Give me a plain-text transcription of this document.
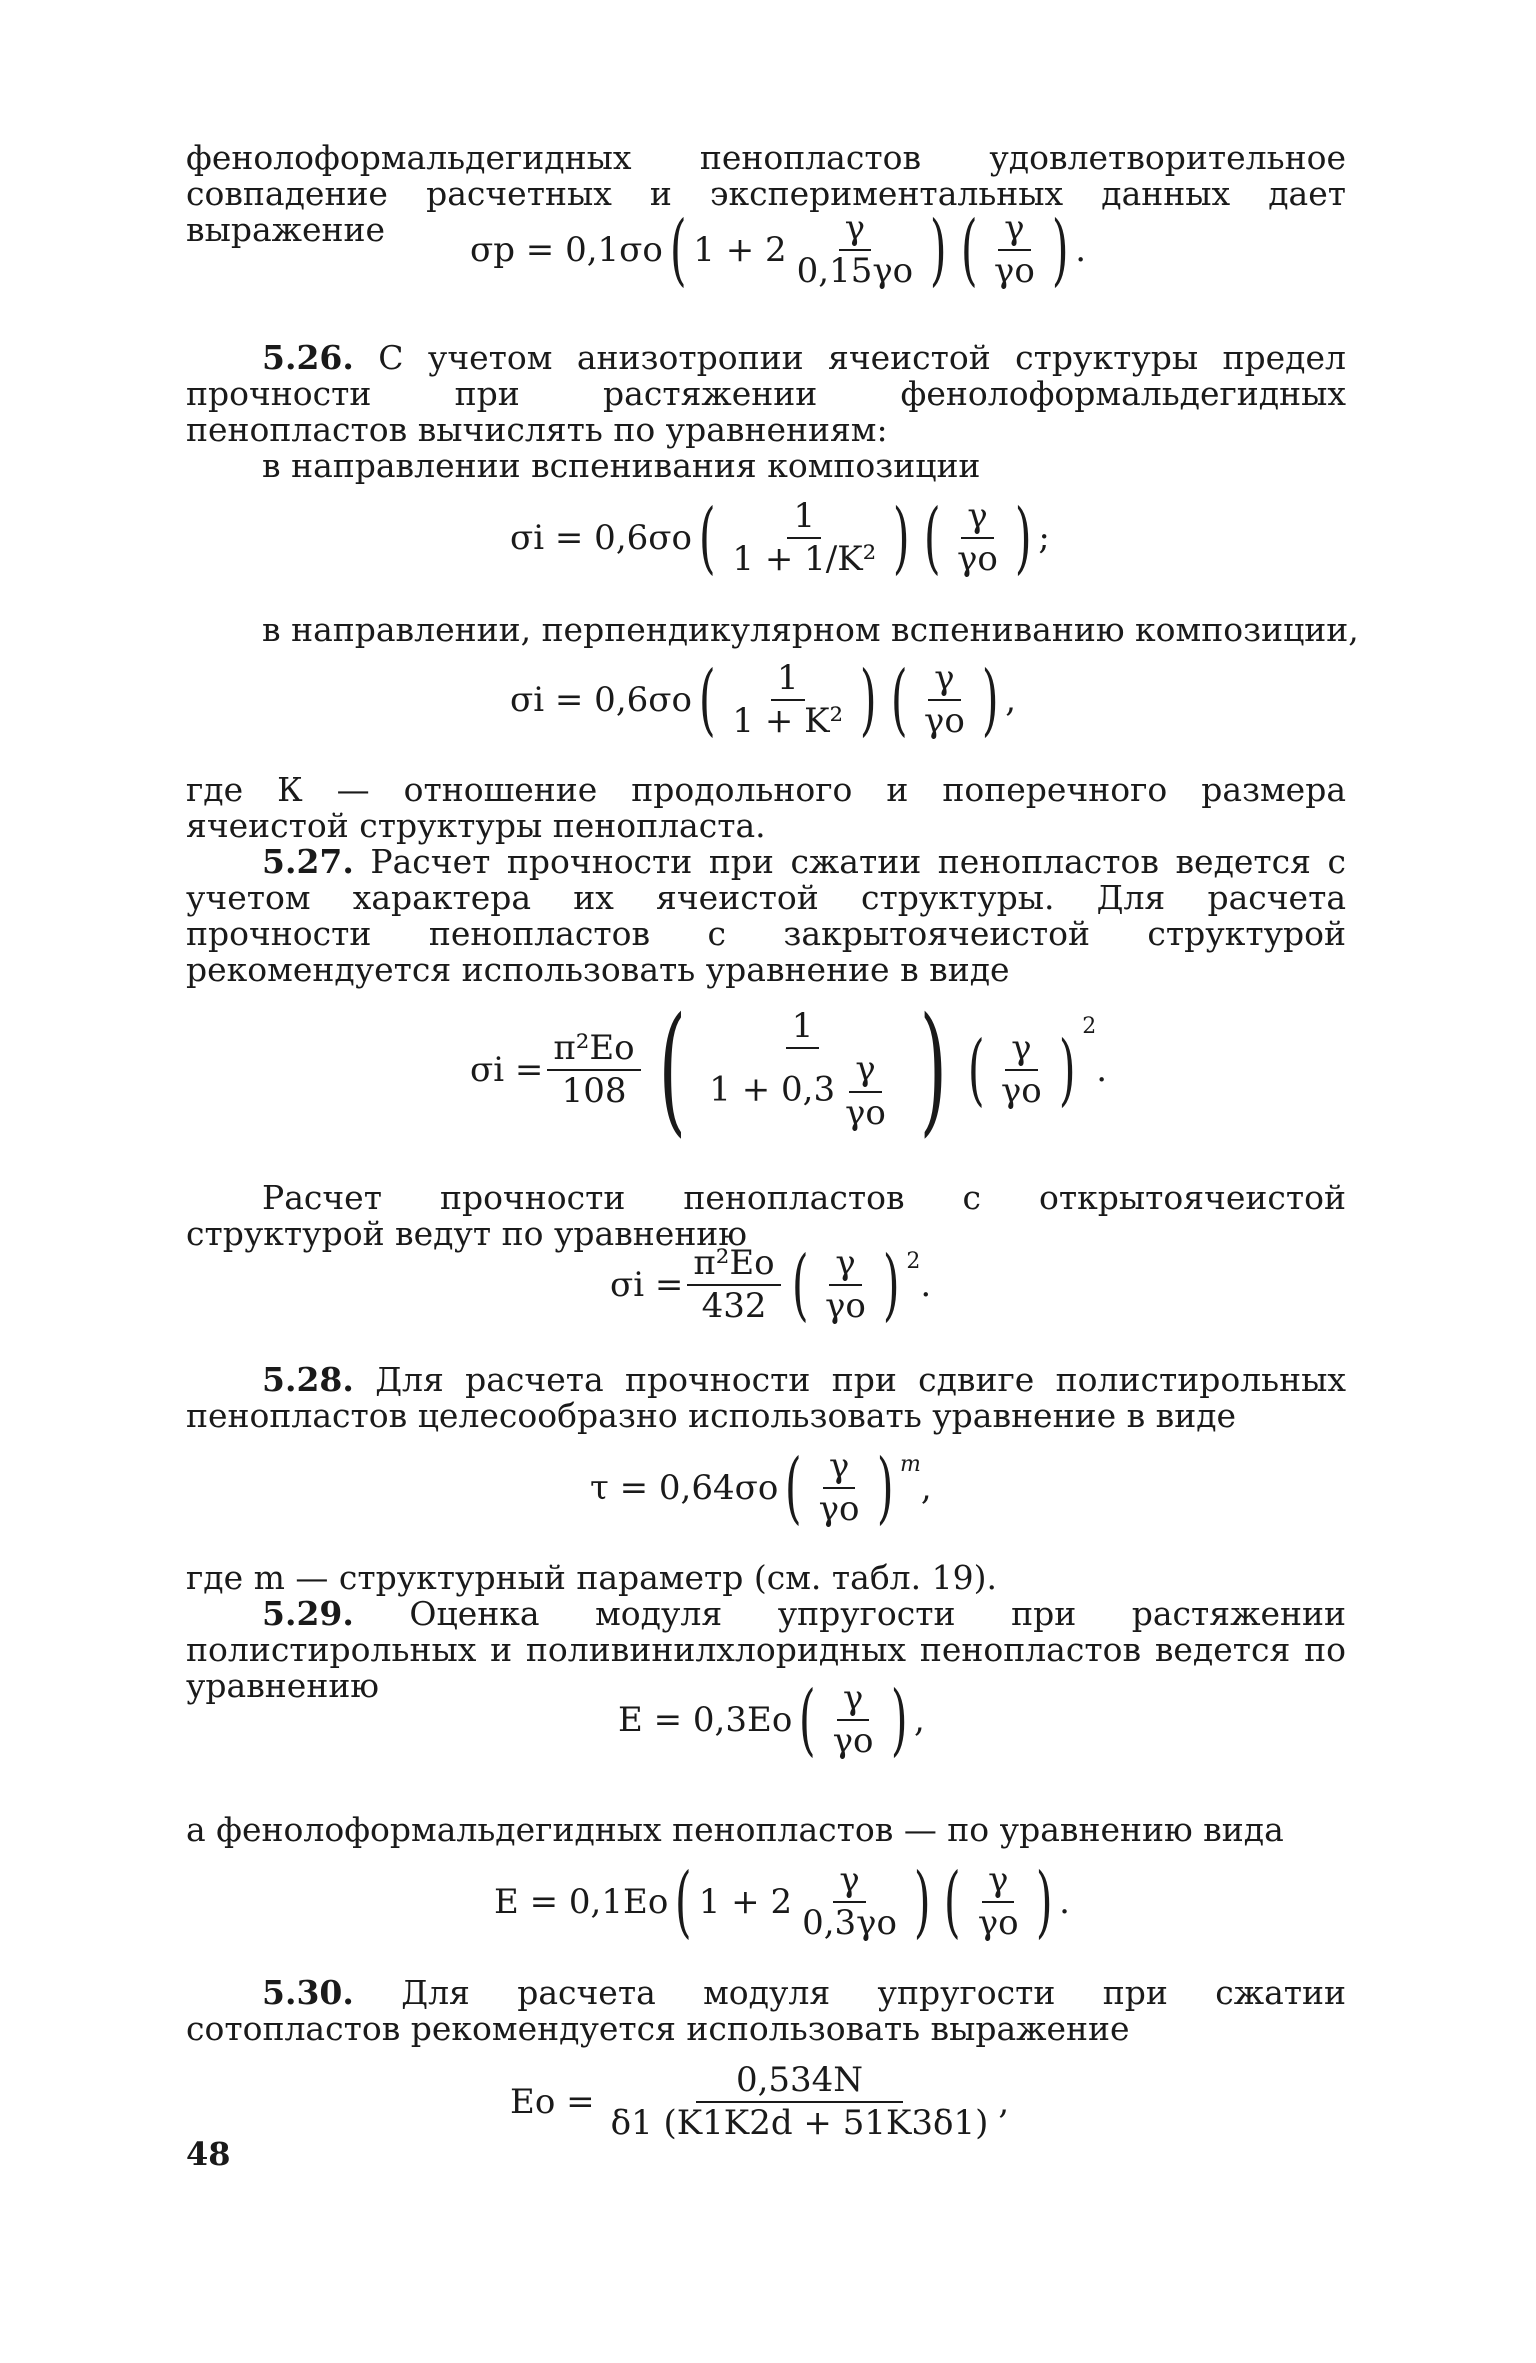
фенолоформальдегидных пенопластов удовлетворительное совпадение расчетных и экспериментальных данных дает выражение

σp = 0,1σo ( $1 + 2 \frac{\gamma}{0,15\gamma o}$ ) ( $\frac{\gamma}{\gamma o}$ ) .

5.26. С учетом анизотропии ячеистой структуры предел прочности при растяжении фенолоформальдегидных пенопластов вычислять по уравнениям:

в направлении вспенивания композиции

σi = 0,6σo ( $\frac{1}{\text{1 + 1/K²}}$ ) ( $\frac{\gamma}{\gamma o}$ ) ;

в направлении, перпендикулярном вспениванию композиции,

σi = 0,6σo ( $\frac{1}{\text{1 + K²}}$ ) ( $\frac{\gamma}{\gamma o}$ ) ,

где К — отношение продольного и поперечного размера ячеистой структуры пенопласта.

5.27. Расчет прочности при сжатии пенопластов ведется с учетом характера их ячеистой структуры. Для расчета прочности пенопластов с закрытоячеистой структурой рекомендуется использовать уравнение в виде

$\sigma i = \frac{\text{π²Eo}}{108}$ ( $\frac{1}{1 + 0,3 \frac{\gamma}{\gamma o}}$ ) ( $\frac{\gamma}{\gamma o}$ ) $^2$
.

Расчет прочности пенопластов с открытоячеистой структурой ведут по уравнению

$\sigma i = \frac{\text{π²Eo}}{432}$ ( $\frac{\gamma}{\gamma o}$ ) $^2$
.

5.28. Для расчета прочности при сдвиге полистирольных пенопластов целесообразно использовать уравнение в виде

τ = 0,64σo ( $\frac{\gamma}{\gamma o}$ ) $^m$
,

где m — структурный параметр (см. табл. 19).

5.29. Оценка модуля упругости при растяжении полистирольных и поливинилхлоридных пенопластов ведется по уравнению

E = 0,3Eo ( $\frac{\gamma}{\gamma o}$ ) ,

а фенолоформальдегидных пенопластов — по уравнению вида

E = 0,1Eo ( $1 + 2 \frac{\gamma}{0,3\gamma o}$ ) ( $\frac{\gamma}{\gamma o}$ ) .

5.30. Для расчета модуля упругости при сжатии сотопластов рекомендуется использовать выражение

$Eo = \frac{0,534N}{\delta 1 (K1K2d + 51K3\delta 1)}$ ,
48
